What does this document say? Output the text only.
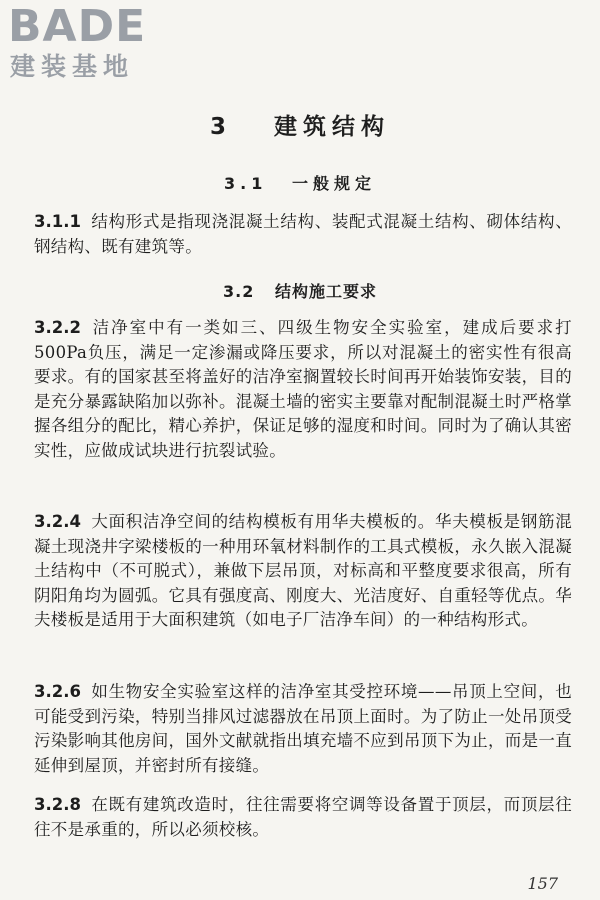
BADE
建装基地
3 建筑结构
3.1 一般规定
3.1.1 结构形式是指现浇混凝土结构、装配式混凝土结构、砌体结构、钢结构、既有建筑等。
3.2 结构施工要求
3.2.2 洁净室中有一类如三、四级生物安全实验室，建成后要求打500Pa负压，满足一定渗漏或降压要求，所以对混凝土的密实性有很高要求。有的国家甚至将盖好的洁净室搁置较长时间再开始装饰安装，目的是充分暴露缺陷加以弥补。混凝土墙的密实主要靠对配制混凝土时严格掌握各组分的配比，精心养护，保证足够的湿度和时间。同时为了确认其密实性，应做成试块进行抗裂试验。
3.2.4 大面积洁净空间的结构模板有用华夫模板的。华夫模板是钢筋混凝土现浇井字梁楼板的一种用环氧材料制作的工具式模板，永久嵌入混凝土结构中（不可脱式），兼做下层吊顶，对标高和平整度要求很高，所有阴阳角均为圆弧。它具有强度高、刚度大、光洁度好、自重轻等优点。华夫楼板是适用于大面积建筑（如电子厂洁净车间）的一种结构形式。
3.2.6 如生物安全实验室这样的洁净室其受控环境——吊顶上空间，也可能受到污染，特别当排风过滤器放在吊顶上面时。为了防止一处吊顶受污染影响其他房间，国外文献就指出填充墙不应到吊顶下为止，而是一直延伸到屋顶，并密封所有接缝。
3.2.8 在既有建筑改造时，往往需要将空调等设备置于顶层，而顶层往往不是承重的，所以必须校核。
157
